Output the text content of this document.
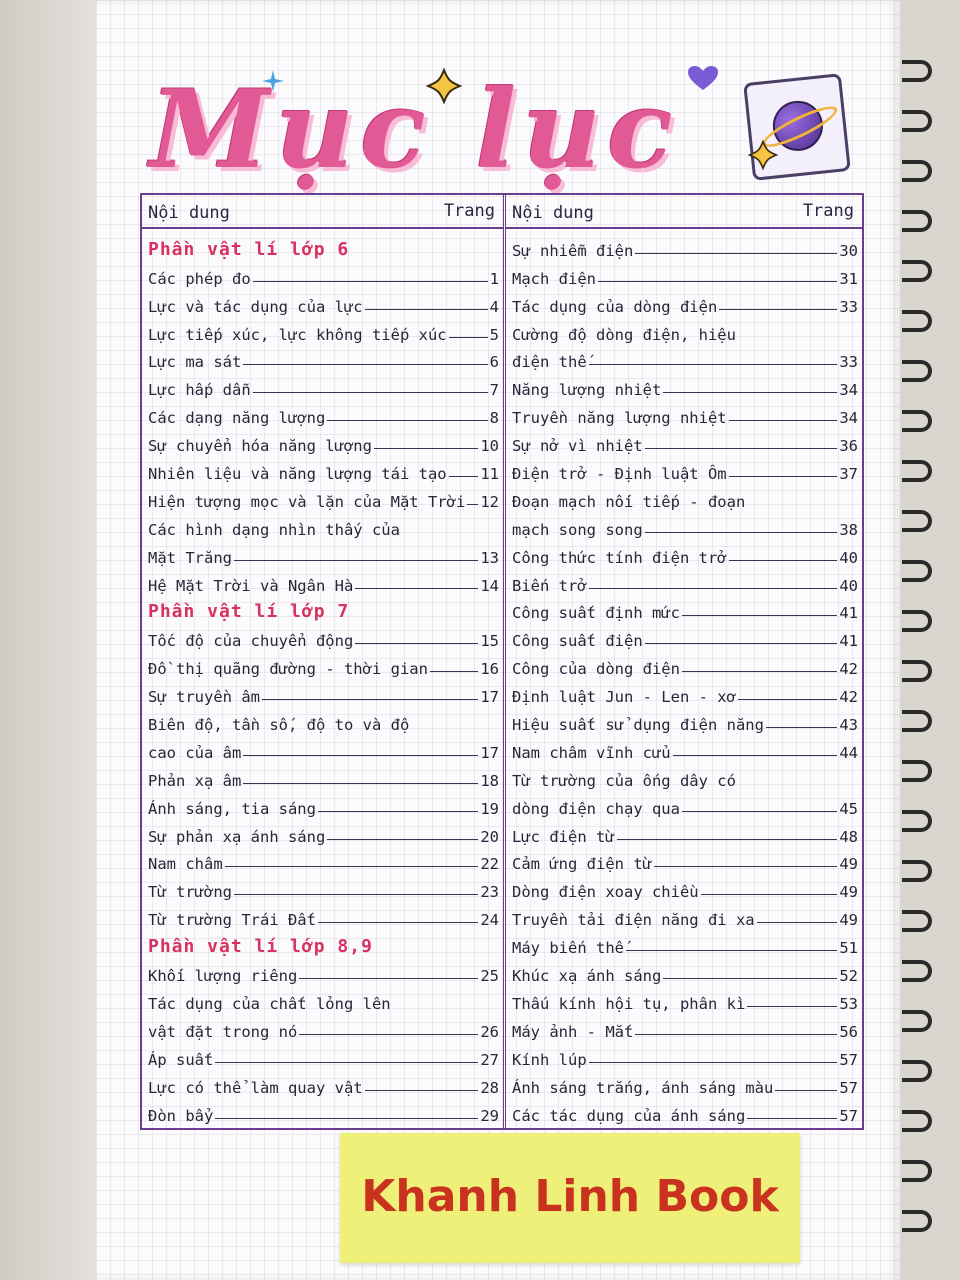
Mục lục
Nội dung	Trang
Phần vật lí lớp 6
Các phép đo	1
Lực và tác dụng của lực	4
Lực tiếp xúc, lực không tiếp xúc	5
Lực ma sát	6
Lực hấp dẫn	7
Các dạng năng lượng	8
Sự chuyển hóa năng lượng	10
Nhiên liệu và năng lượng tái tạo 11
Hiện tượng mọc và lặn của Mặt Trời 12
Các hình dạng nhìn thấy của
Mặt Trăng	13
Hệ Mặt Trời và Ngân Hà	14
Phần vật lí lớp 7
Tốc độ của chuyển động	15
Đồ thị quãng đường - thời gian	16
Sự truyền âm	17
Biên độ, tần số, độ to và độ
cao của âm	17
Phản xạ âm	18
Ánh sáng, tia sáng	19
Sự phản xạ ánh sáng	20
Nam châm	22
Từ trường	23
Từ trường Trái Đất	24
Phần vật lí lớp 8,9
Khối lượng riêng	25
Tác dụng của chất lỏng lên
vật đặt trong nó	26
Áp suất	27
Lực có thể làm quay vật	28
Đòn bẩy	29
Nội dung	Trang
Sự nhiễm điện	30
Mạch điện	31
Tác dụng của dòng điện	33
Cường độ dòng điện, hiệu
điện thế	33
Năng lượng nhiệt	34
Truyền năng lượng nhiệt	34
Sự nở vì nhiệt	36
Điện trở - Định luật Ôm	37
Đoạn mạch nối tiếp - đoạn
mạch song song	38
Công thức tính điện trở	40
Biến trở	40
Công suất định mức	41
Công suất điện	41
Công của dòng điện	42
Định luật Jun - Len - xơ	42
Hiệu suất sử dụng điện năng	43
Nam châm vĩnh cửu	44
Từ trường của ống dây có
dòng điện chạy qua	45
Lực điện từ	48
Cảm ứng điện từ	49
Dòng điện xoay chiều	49
Truyền tải điện năng đi xa	49
Máy biến thế	51
Khúc xạ ánh sáng	52
Thấu kính hội tụ, phân kì	53
Máy ảnh - Mắt	56
Kính lúp	57
Ánh sáng trắng, ánh sáng màu	57
Các tác dụng của ánh sáng	57
Khanh Linh Book
